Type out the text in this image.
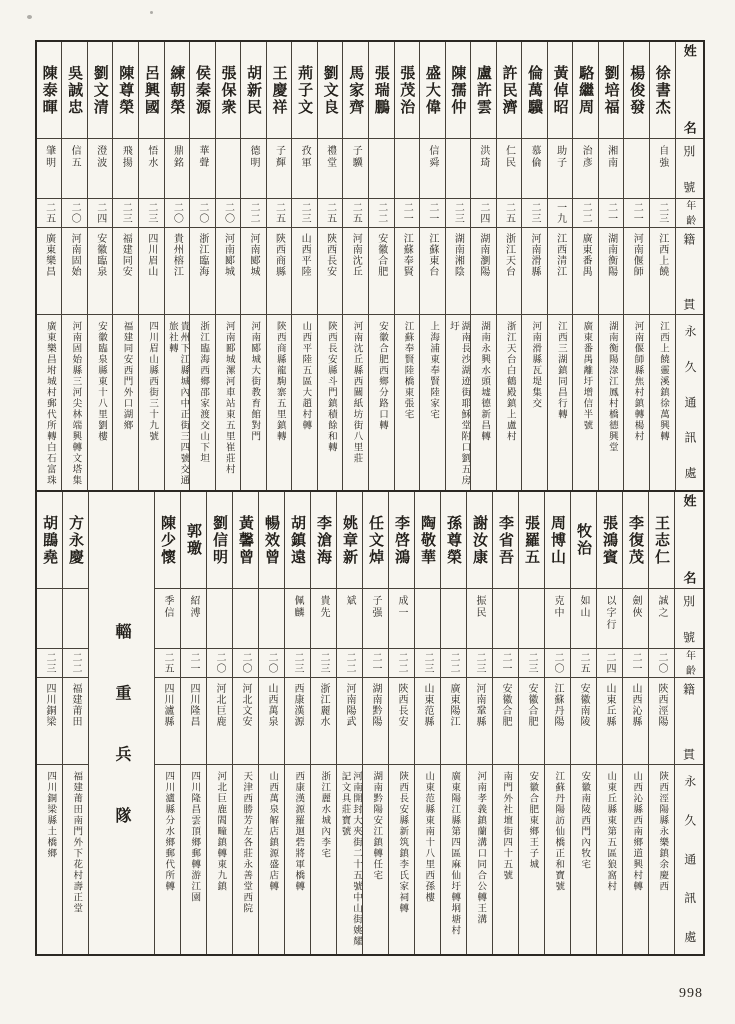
姓名
別號
年齡
籍貫
永久通訊處
徐書杰
自強
二三
江西上饒
江西上饒靈溪鎮徐萬興轉
楊俊發
二一
河南偃師
河南偃師縣焦村鎮轉楊村
劉培福
湘南
二一
湖南衡陽
湖南衡陽淥江鳳村橋德興堂
駱繼周
治彥
二二
廣東番禺
廣東番禺離圩增信半號
黃倬昭
助子
一九
江西清江
江西三湖鎮同昌行轉
倫萬驥
慕倫
二三
河南滑縣
河南滑縣瓦堤集交
許民濟
仁民
二五
浙江天台
浙江天台白鶴殿鎮上盧村
盧許雲
洪琦
二四
湖南瀏陽
湖南永興水頭墟德新昌轉
陳孺仲
二三
湖南湘陰
湖南長沙湖迹街耶穌堂附口劉五房圩
盛大偉
信舜
二一
江蘇東台
上海浦東奉賢陸家宅
張茂治
二一
江蘇奉賢
江蘇奉賢陸橋東張宅
張瑞鵬
二二
安徽合肥
安徽合肥西鄉分路口轉
馬家齊
子驥
二五
河南沈丘
河南沈丘縣西關紙坊街八里莊
劉文良
禮堂
二五
陝西長安
陝西長安縣斗門鎮積餘和轉
荊子文
孜軍
二三
山西平陸
山西平陸五區大趙村轉
王慶祥
子輝
二五
陝西商縣
陝西商縣龍駒寨五里鎮轉
胡新民
德明
二二
河南郾城
河南郾城大街教育館對門
張保衆
二〇
河南郾城
河南郾城漯河車站東五里崔莊村
侯秦源
華聲
二〇
浙江臨海
浙江臨海西鄉邵家渡交山下坦
練朝榮
鼎銘
二〇
貴州榕江
貴州下江縣城內中正街三四號交通旅社轉
呂興國
悟水
二三
四川眉山
四川眉山縣西街三十九號
陳尊榮
飛揚
二三
福建同安
福建同安西門外口湖鄉
劉文清
澄波
二四
安徽臨泉
安徽臨泉縣東十八里劉樓
吳誠忠
信五
二〇
河南固始
河南固始縣三河尖林端興轉文塔集
陳泰暉
肇明
二五
廣東樂昌
廣東樂昌坿城村郵代所轉白石富珠
姓名
別號
年齡
籍貫
永久通訊處
王志仁
誠之
二〇
陝西涇陽
陝西涇陽縣永樂鎮余慶西
李復茂
劍俠
二一
山西沁縣
山西沁縣西南鄉道興村轉
張鴻賓
以字行
二四
山東丘縣
山東丘縣東第五區狼窩村
牧治
如山
二五
安徽南陵
安徽南陵西門內牧宅
周博山
克中
二〇
江蘇丹陽
江蘇丹陽訪仙橋正和寶號
張羅五
二三
安徽合肥
安徽合肥東鄉王子城
李省吾
二一
安徽合肥
南門外社壇街四十五號
謝汝康
振民
二三
河南鞏縣
河南孝義鎮蘭溝口同合公轉王溝
孫尊榮
二二
廣東陽江
廣東陽江縣第四區麻仙圩轉垌塘村
陶敬華
二三
山東范縣
山東范縣東南十八里西孫樓
李啓鴻
成一
二二
陝西長安
陝西長安縣新筑鎮李氏家祠轉
任文焯
子强
二一
湖南黔陽
湖南黔陽安江鎮轉任宅
姚章新
斌
二二
河南陽武
河南開封大夾街二十五號中山街姚耀記文具莊寶號
李滄海
貴先
二三
浙江麗水
浙江麗水城內李宅
胡鎮遠
佩麟
二三
西康漢源
西康漢源羅迴砦將軍橋轉
暢效曾
二〇
山西萬泉
山西萬泉解店鎮源盛店轉
黃馨曾
二〇
河北文安
天津西勝芳左各莊永善堂西院
劉信明
二〇
河北巨鹿
河北巨鹿閻疃鎮轉東九鎮
郭璬
紹溥
二一
四川隆昌
四川隆昌雲頂鄉郵轉游江園
陳少懷
季信
二五
四川瀘縣
四川瀘縣分水鄉郵代所轉
輜重兵隊
方永慶
二二
福建莆田
福建莆田南門外下花村壽正堂
胡鵾堯
二三
四川銅梁
四川銅梁縣土橋鄉
998
